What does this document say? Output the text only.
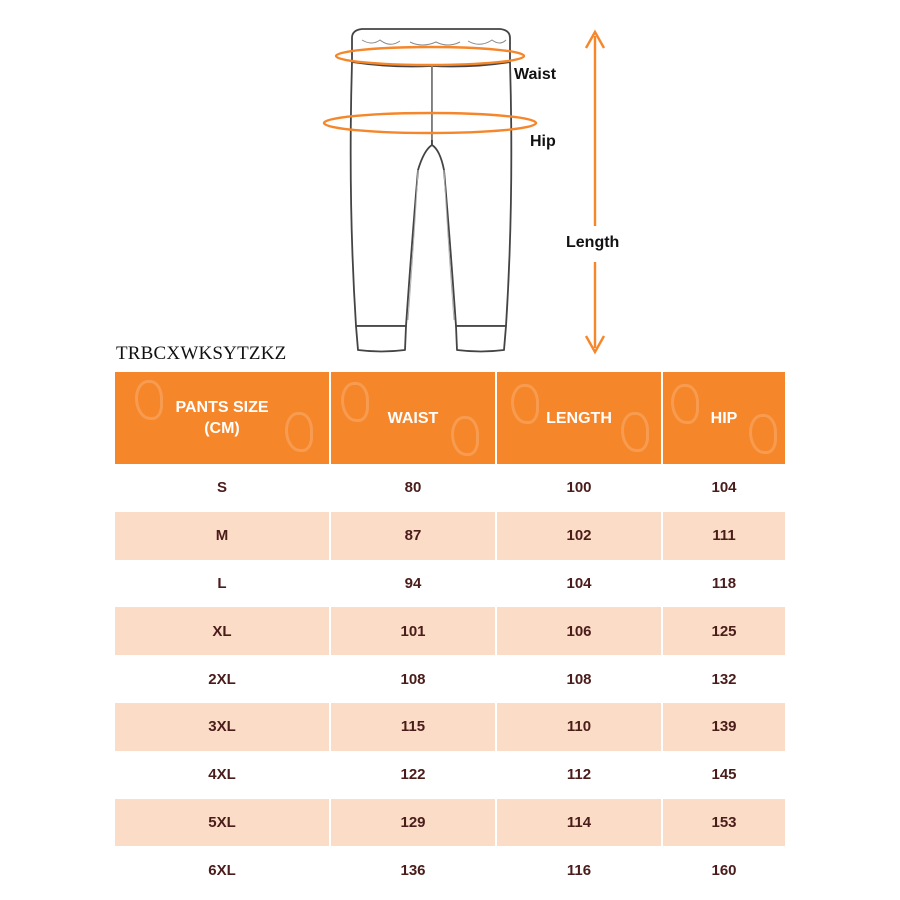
Waist
Hip
Length
TRBCXWKSYTZKZ
PANTS SIZE
(CM)	WAIST	LENGTH	HIP
S	80	100	104
M	87	102	111
L	94	104	118
XL	101	106	125
2XL	108	108	132
3XL	115	110	139
4XL	122	112	145
5XL	129	114	153
6XL	136	116	160
